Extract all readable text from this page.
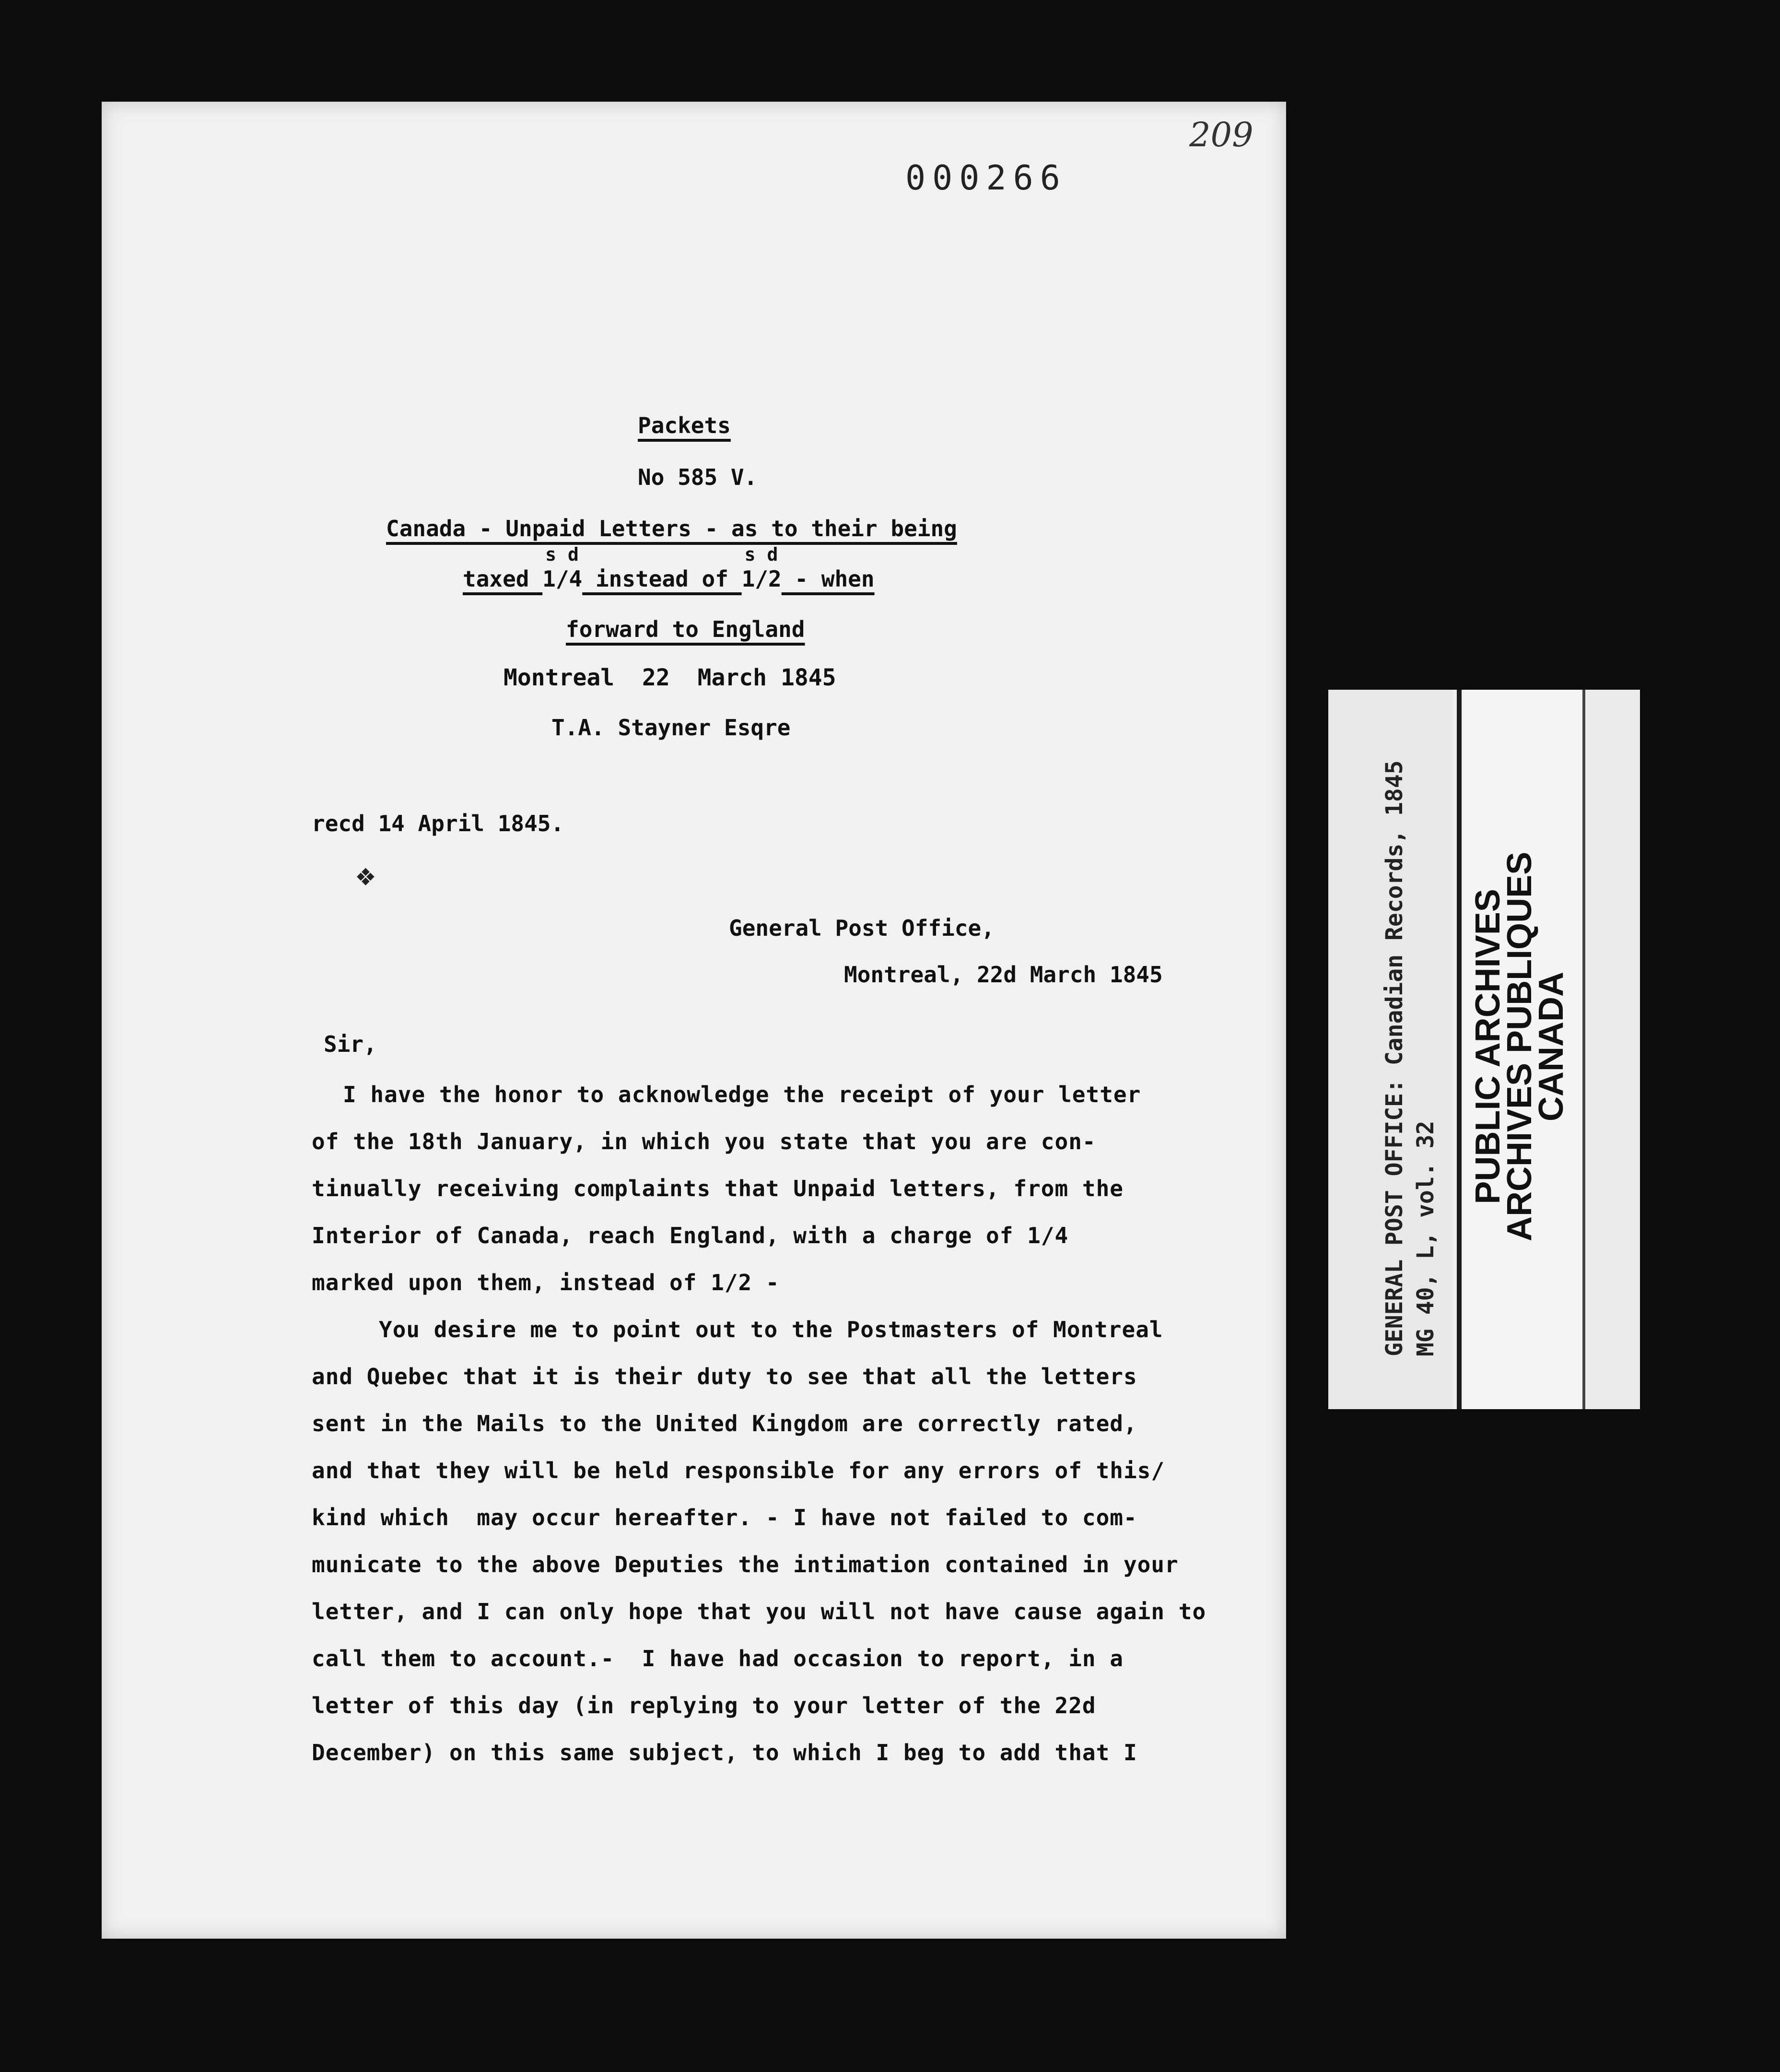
209
000266

Packets
No 585 V.
Canada - Unpaid Letters - as to their being
taxed
sd
1/4 instead of
sd
1/2 - when
forward to England
Montreal  22  March 1845
T.A. Stayner Esqre
recd 14 April 1845.
❖
General Post Office,
Montreal, 22d March 1845
Sir,
I have the honor to acknowledge the receipt of your letter
of the 18th January, in which you state that you are con-
tinually receiving complaints that Unpaid letters, from the
Interior of Canada, reach England, with a charge of 1/4
marked upon them, instead of 1/2 -
You desire me to point out to the Postmasters of Montreal
and Quebec that it is their duty to see that all the letters
sent in the Mails to the United Kingdom are correctly rated,
and that they will be held responsible for any errors of this/
kind which  may occur hereafter. - I have not failed to com-
municate to the above Deputies the intimation contained in your
letter, and I can only hope that you will not have cause again to
call them to account.-  I have had occasion to report, in a
letter of this day (in replying to your letter of the 22d
December) on this same subject, to which I beg to add that I
GENERAL POST OFFICE: Canadian Records, 1845 MG 40, L, vol. 32
PUBLIC ARCHIVES
ARCHIVES PUBLIQUES
CANADA
